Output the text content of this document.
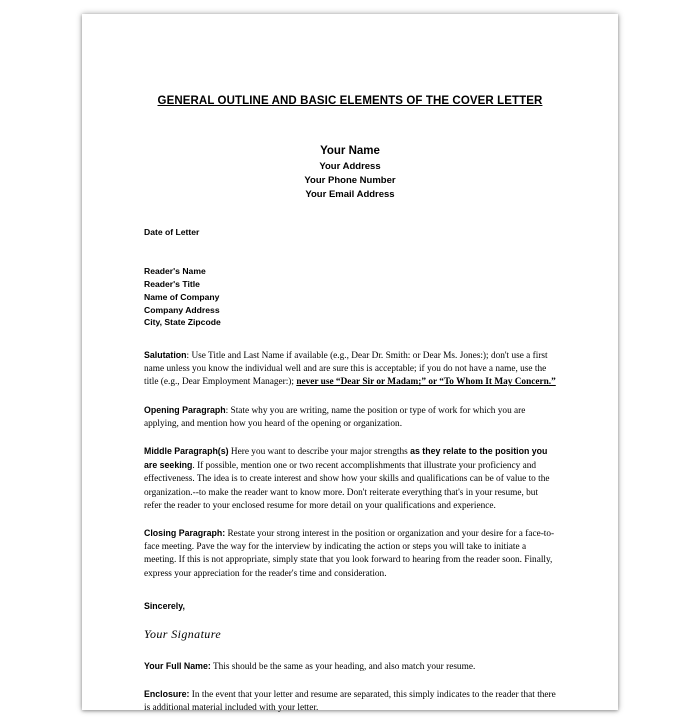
GENERAL OUTLINE AND BASIC ELEMENTS OF THE COVER LETTER
Your Name
Your Address
Your Phone Number
Your Email Address
Date of Letter
Reader's Name
Reader's Title
Name of Company
Company Address
City, State Zipcode

Salutation: Use Title and Last Name if available (e.g., Dear Dr. Smith: or Dear Ms. Jones:); don't use a first name unless you know the individual well and are sure this is acceptable; if you do not have a name, use the title (e.g., Dear Employment Manager:); never use “Dear Sir or Madam;” or “To Whom It May Concern.”

Opening Paragraph: State why you are writing, name the position or type of work for which you are applying, and mention how you heard of the opening or organization.

Middle Paragraph(s) Here you want to describe your major strengths as they relate to the position you are seeking. If possible, mention one or two recent accomplishments that illustrate your proficiency and effectiveness. The idea is to create interest and show how your skills and qualifications can be of value to the organization.--to make the reader want to know more. Don't reiterate everything that's in your resume, but refer the reader to your enclosed resume for more detail on your qualifications and experience.

Closing Paragraph: Restate your strong interest in the position or organization and your desire for a face-to-face meeting. Pave the way for the interview by indicating the action or steps you will take to initiate a meeting. If this is not appropriate, simply state that you look forward to hearing from the reader soon. Finally, express your appreciation for the reader's time and consideration.

Sincerely,
Your Signature

Your Full Name: This should be the same as your heading, and also match your resume.

Enclosure: In the event that your letter and resume are separated, this simply indicates to the reader that there is additional material included with your letter.
